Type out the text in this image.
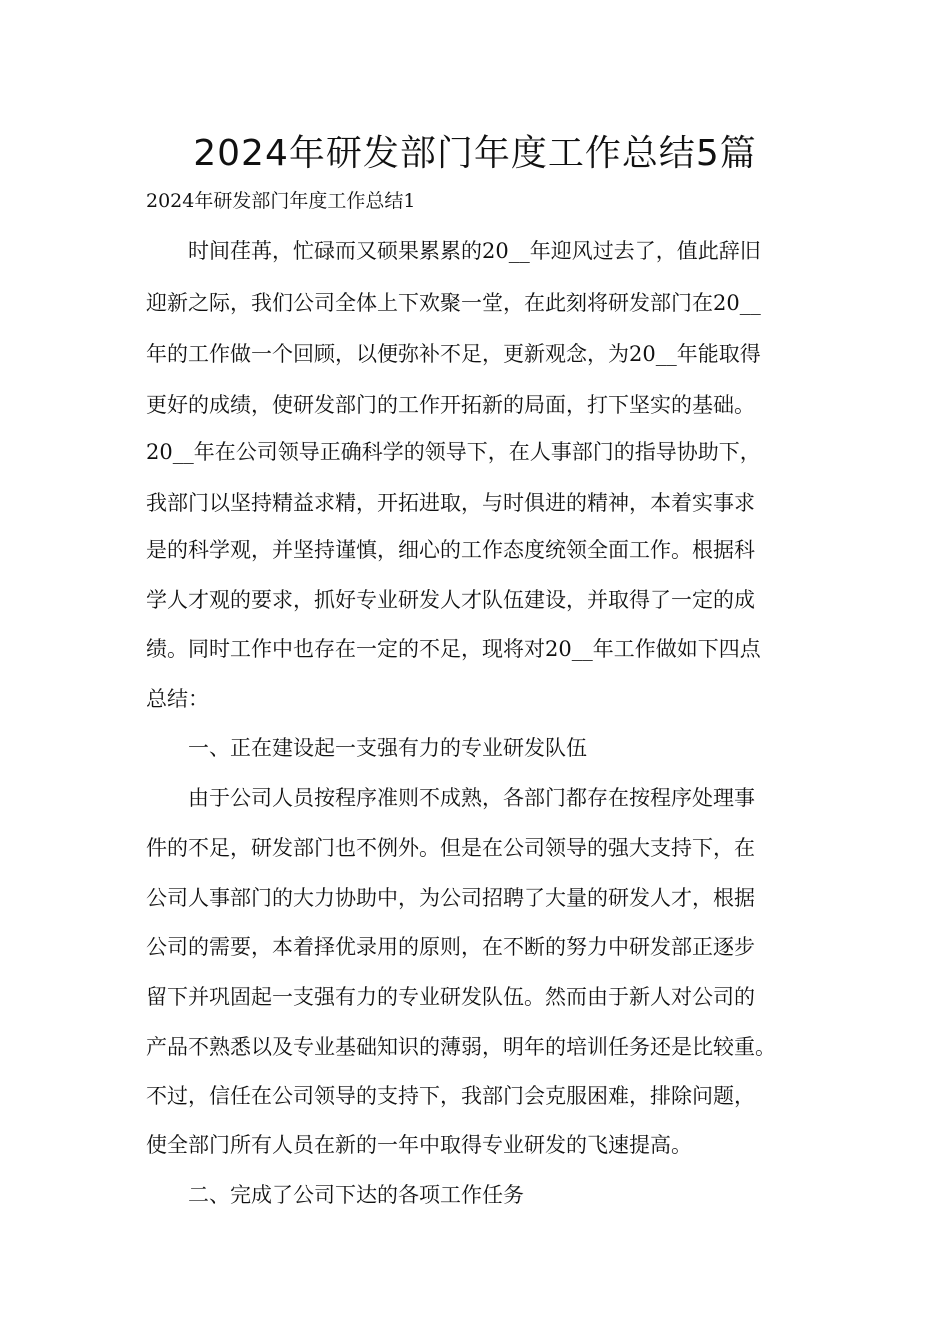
2024年研发部门年度工作总结5篇

2024年研发部门年度工作总结1

　　时间荏苒，忙碌而又硕果累累的20__年迎风过去了，值此辞旧

迎新之际，我们公司全体上下欢聚一堂，在此刻将研发部门在20__

年的工作做一个回顾，以便弥补不足，更新观念，为20__年能取得

更好的成绩，使研发部门的工作开拓新的局面，打下坚实的基础。

20__年在公司领导正确科学的领导下，在人事部门的指导协助下，

我部门以坚持精益求精，开拓进取，与时俱进的精神，本着实事求

是的科学观，并坚持谨慎，细心的工作态度统领全面工作。根据科

学人才观的要求，抓好专业研发人才队伍建设，并取得了一定的成

绩。同时工作中也存在一定的不足，现将对20__年工作做如下四点

总结：

　　一、正在建设起一支强有力的专业研发队伍

　　由于公司人员按程序准则不成熟，各部门都存在按程序处理事

件的不足，研发部门也不例外。但是在公司领导的强大支持下，在

公司人事部门的大力协助中，为公司招聘了大量的研发人才，根据

公司的需要，本着择优录用的原则，在不断的努力中研发部正逐步

留下并巩固起一支强有力的专业研发队伍。然而由于新人对公司的

产品不熟悉以及专业基础知识的薄弱，明年的培训任务还是比较重。

不过，信任在公司领导的支持下，我部门会克服困难，排除问题，

使全部门所有人员在新的一年中取得专业研发的飞速提高。

　　二、完成了公司下达的各项工作任务
